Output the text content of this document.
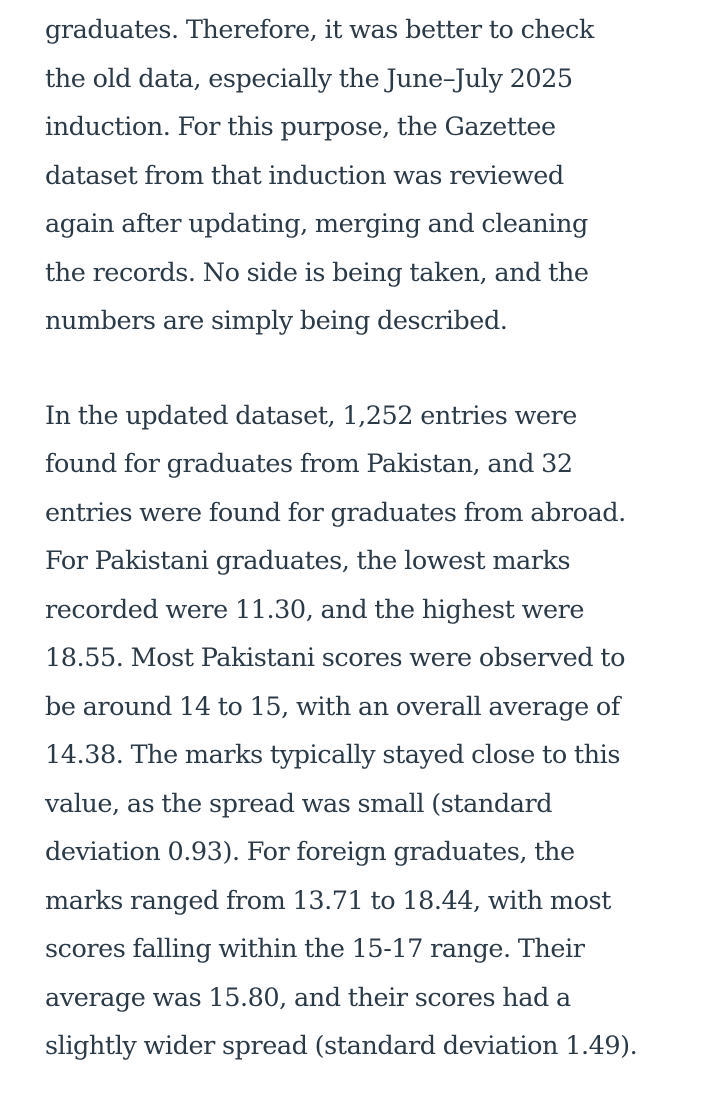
graduates. Therefore, it was better to check
the old data, especially the June–July 2025
induction. For this purpose, the Gazettee
dataset from that induction was reviewed
again after updating, merging and cleaning
the records. No side is being taken, and the
numbers are simply being described.

In the updated dataset, 1,252 entries were
found for graduates from Pakistan, and 32
entries were found for graduates from abroad.
For Pakistani graduates, the lowest marks
recorded were 11.30, and the highest were
18.55. Most Pakistani scores were observed to
be around 14 to 15, with an overall average of
14.38. The marks typically stayed close to this
value, as the spread was small (standard
deviation 0.93). For foreign graduates, the
marks ranged from 13.71 to 18.44, with most
scores falling within the 15-17 range. Their
average was 15.80, and their scores had a
slightly wider spread (standard deviation 1.49).
